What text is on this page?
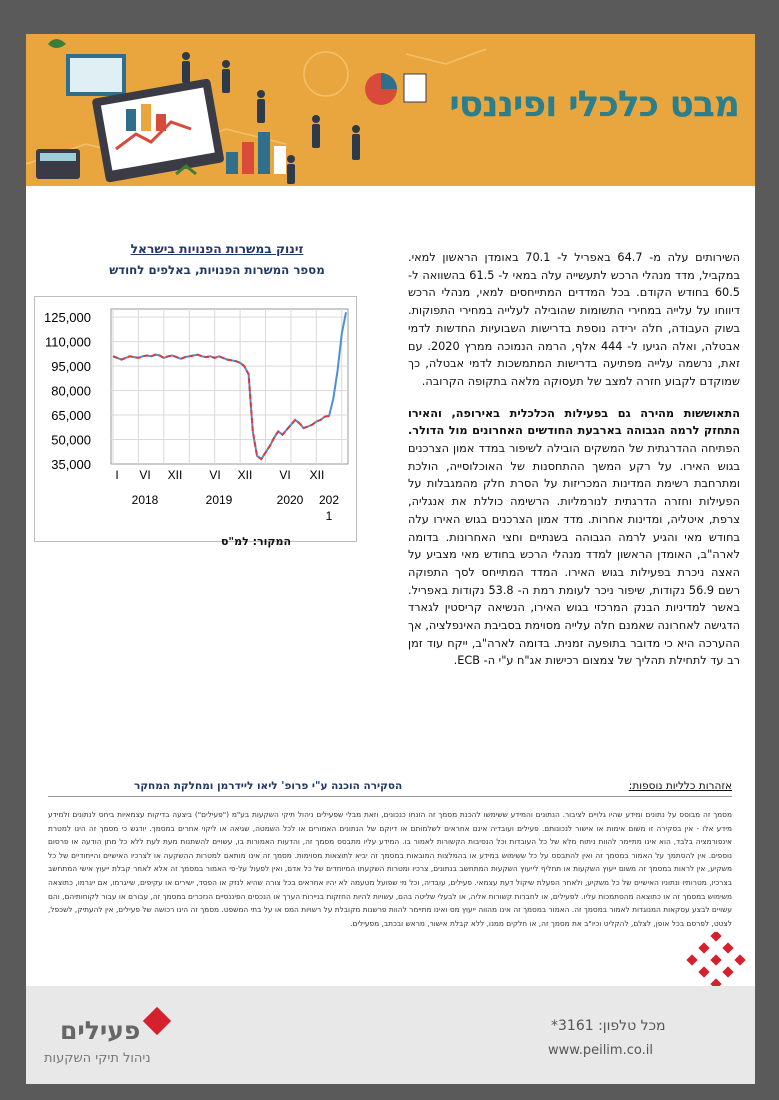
מבט כלכלי ופיננסי

השירותים עלה מ- 64.7 באפריל ל- 70.1 באומדן הראשון למאי. במקביל, מדד מנהלי הרכש לתעשייה עלה במאי ל- 61.5 בהשוואה ל- 60.5 בחודש הקודם. בכל המדדים המתייחסים למאי, מנהלי הרכש דיווחו על עלייה במחירי התשומות שהובילה לעלייה במחירי התפוקות. בשוק העבודה, חלה ירידה נוספת בדרישות השבועיות החדשות לדמי אבטלה, ואלה הגיעו ל- 444 אלף, הרמה הנמוכה ממרץ 2020. עם זאת, נרשמה עלייה מפתיעה בדרישות המתמשכות לדמי אבטלה, כך שמוקדם לקבוע חזרה למצב של תעסוקה מלאה בתקופה הקרובה.

התאוששות מהירה גם בפעילות הכלכלית באירופה, והאירו התחזק לרמה הגבוהה בארבעת החודשים האחרונים מול הדולר. הפתיחה ההדרגתית של המשקים הובילה לשיפור במדד אמון הצרכנים בגוש האירו. על רקע המשך ההתחסנות של האוכלוסייה, הולכת ומתרחבת רשימת המדינות המכריזות על הסרת חלק מהמגבלות על הפעילות וחזרה הדרגתית לנורמליות. הרשימה כוללת את אנגליה, צרפת, איטליה, ומדינות אחרות. מדד אמון הצרכנים בגוש האירו עלה בחודש מאי והגיע לרמה הגבוהה בשנתיים וחצי האחרונות. בדומה לארה"ב, האומדן הראשון למדד מנהלי הרכש בחודש מאי מצביע על האצה ניכרת בפעילות בגוש האירו. המדד המתייחס לסך התפוקה רשם 56.9 נקודות, שיפור ניכר לעומת רמת ה- 53.8 נקודות באפריל. באשר למדיניות הבנק המרכזי בגוש האירו, הנשיאה קריסטין לגארד הדגישה לאחרונה שאמנם חלה עלייה מסוימת בסביבת האינפלציה, אך ההערכה היא כי מדובר בתופעה זמנית. בדומה לארה"ב, ייקח עוד זמן רב עד לתחילת תהליך של צמצום רכישות אג"ח ע"י ה- ECB.

זינוק במשרות הפנויות בישראל
מספר המשרות הפנויות, באלפים לחודש
125,000
110,000
95,000
80,000
65,000
50,000
35,000
I VI XII VI XII VI XII
2018	2019	2020 202
1
המקור: למ"ס
אזהרות כלליות נוספות:
הסקירה הוכנה ע"י פרופ' ליאו ליידרמן ומחלקת המחקר
מסמך זה מבוסס על נתונים ומידע שהיו גלויים לציבור. הנתונים והמידע ששימשו להכנת מסמך זה הונחו כנכונים, וזאת מבלי שפעילים ניהול תיקי השקעות בע"מ ("פעילים") ביצעה בדיקות עצמאיות ביחס לנתונים ולמידע מידע אלו - אין בסקירה זו משום אימות או אישור לנכונותם. פעילים ועובדיה אינם אחראים לשלמותם או דיוקם של הנתונים האמורים או לכל השמטה, שגיאה או ליקוי אחרים במסמך. יודגש כי מסמך זה הינו למטרת אינפורמציה בלבד, הוא אינו מתיימר להוות ניתוח מלא של כל העובדות וכל הנסיבות הקשורות לאמור בו. המידע עליו מתבסס מסמך זה, והדעות האמורות בו, עשויים להשתנות מעת לעת ללא כל מתן הודעה או פרסום נוספים. אין להסתמך על האמור במסמך זה ואין להתבסס על כל ששימוש במידע או בהמלצות המובאות במסמך זה יביא לתוצאות מסוימות. מסמך זה אינו מותאם למטרות ההשקעה או לצרכיו האישיים והייחודיים של כל משקיע, אין לראות במסמך זה משום ייעוץ השקעות או תחליף לייעוץ השקעות המתחשב בנתונים, צרכיו ומטרות השקעתו המיוחדים של כל אדם, ואין לפעול על-פי האמור במסמך זה אלא לאחר קבלת ייעוץ אישי המתחשב בצרכיו, מטרותיו ונתוניו האישיים של כל משקיע, ולאחר הפעלת שיקול דעת עצמאי. פעילים, עובדיה, וכל מי שפועל מטעמה לא יהיו אחראים בכל צורה שהיא לנזק או הפסד, ישירים או עקיפים, שייגרמו, אם ייגרמו, כתוצאה משימוש במסמך זה או כתוצאה מהסתמכות עליו. לפעילים, או לחברות קשורות אליה, או לבעלי שליטה בהם, עשויות להיות החזקות בניירות הערך או הנכסים הפיננסיים הנזכרים במסמך זה, עבורם או עבור לקוחותיהם, והם עשויים לבצע עסקאות המנוגדות לאמור במסמך זה. האמור במסמך זה אינו מהווה ייעוץ מס ואינו מתיימר להוות פרשנות מקובלת על רשויות המס או על בתי המשפט. מסמך זה הינו רכושה של פעילים, אין להעתיק, לשכפל, לצטט, לפרסם בכל אופן, לצלם, להקליט וכיו"ב את מסמך זה, או חלקים ממנו, ללא קבלת אישור, מראש ובכתב, מפעילים.
מכל טלפון: 3161*
www.peilim.co.il
פעילים
ניהול תיקי השקעות
